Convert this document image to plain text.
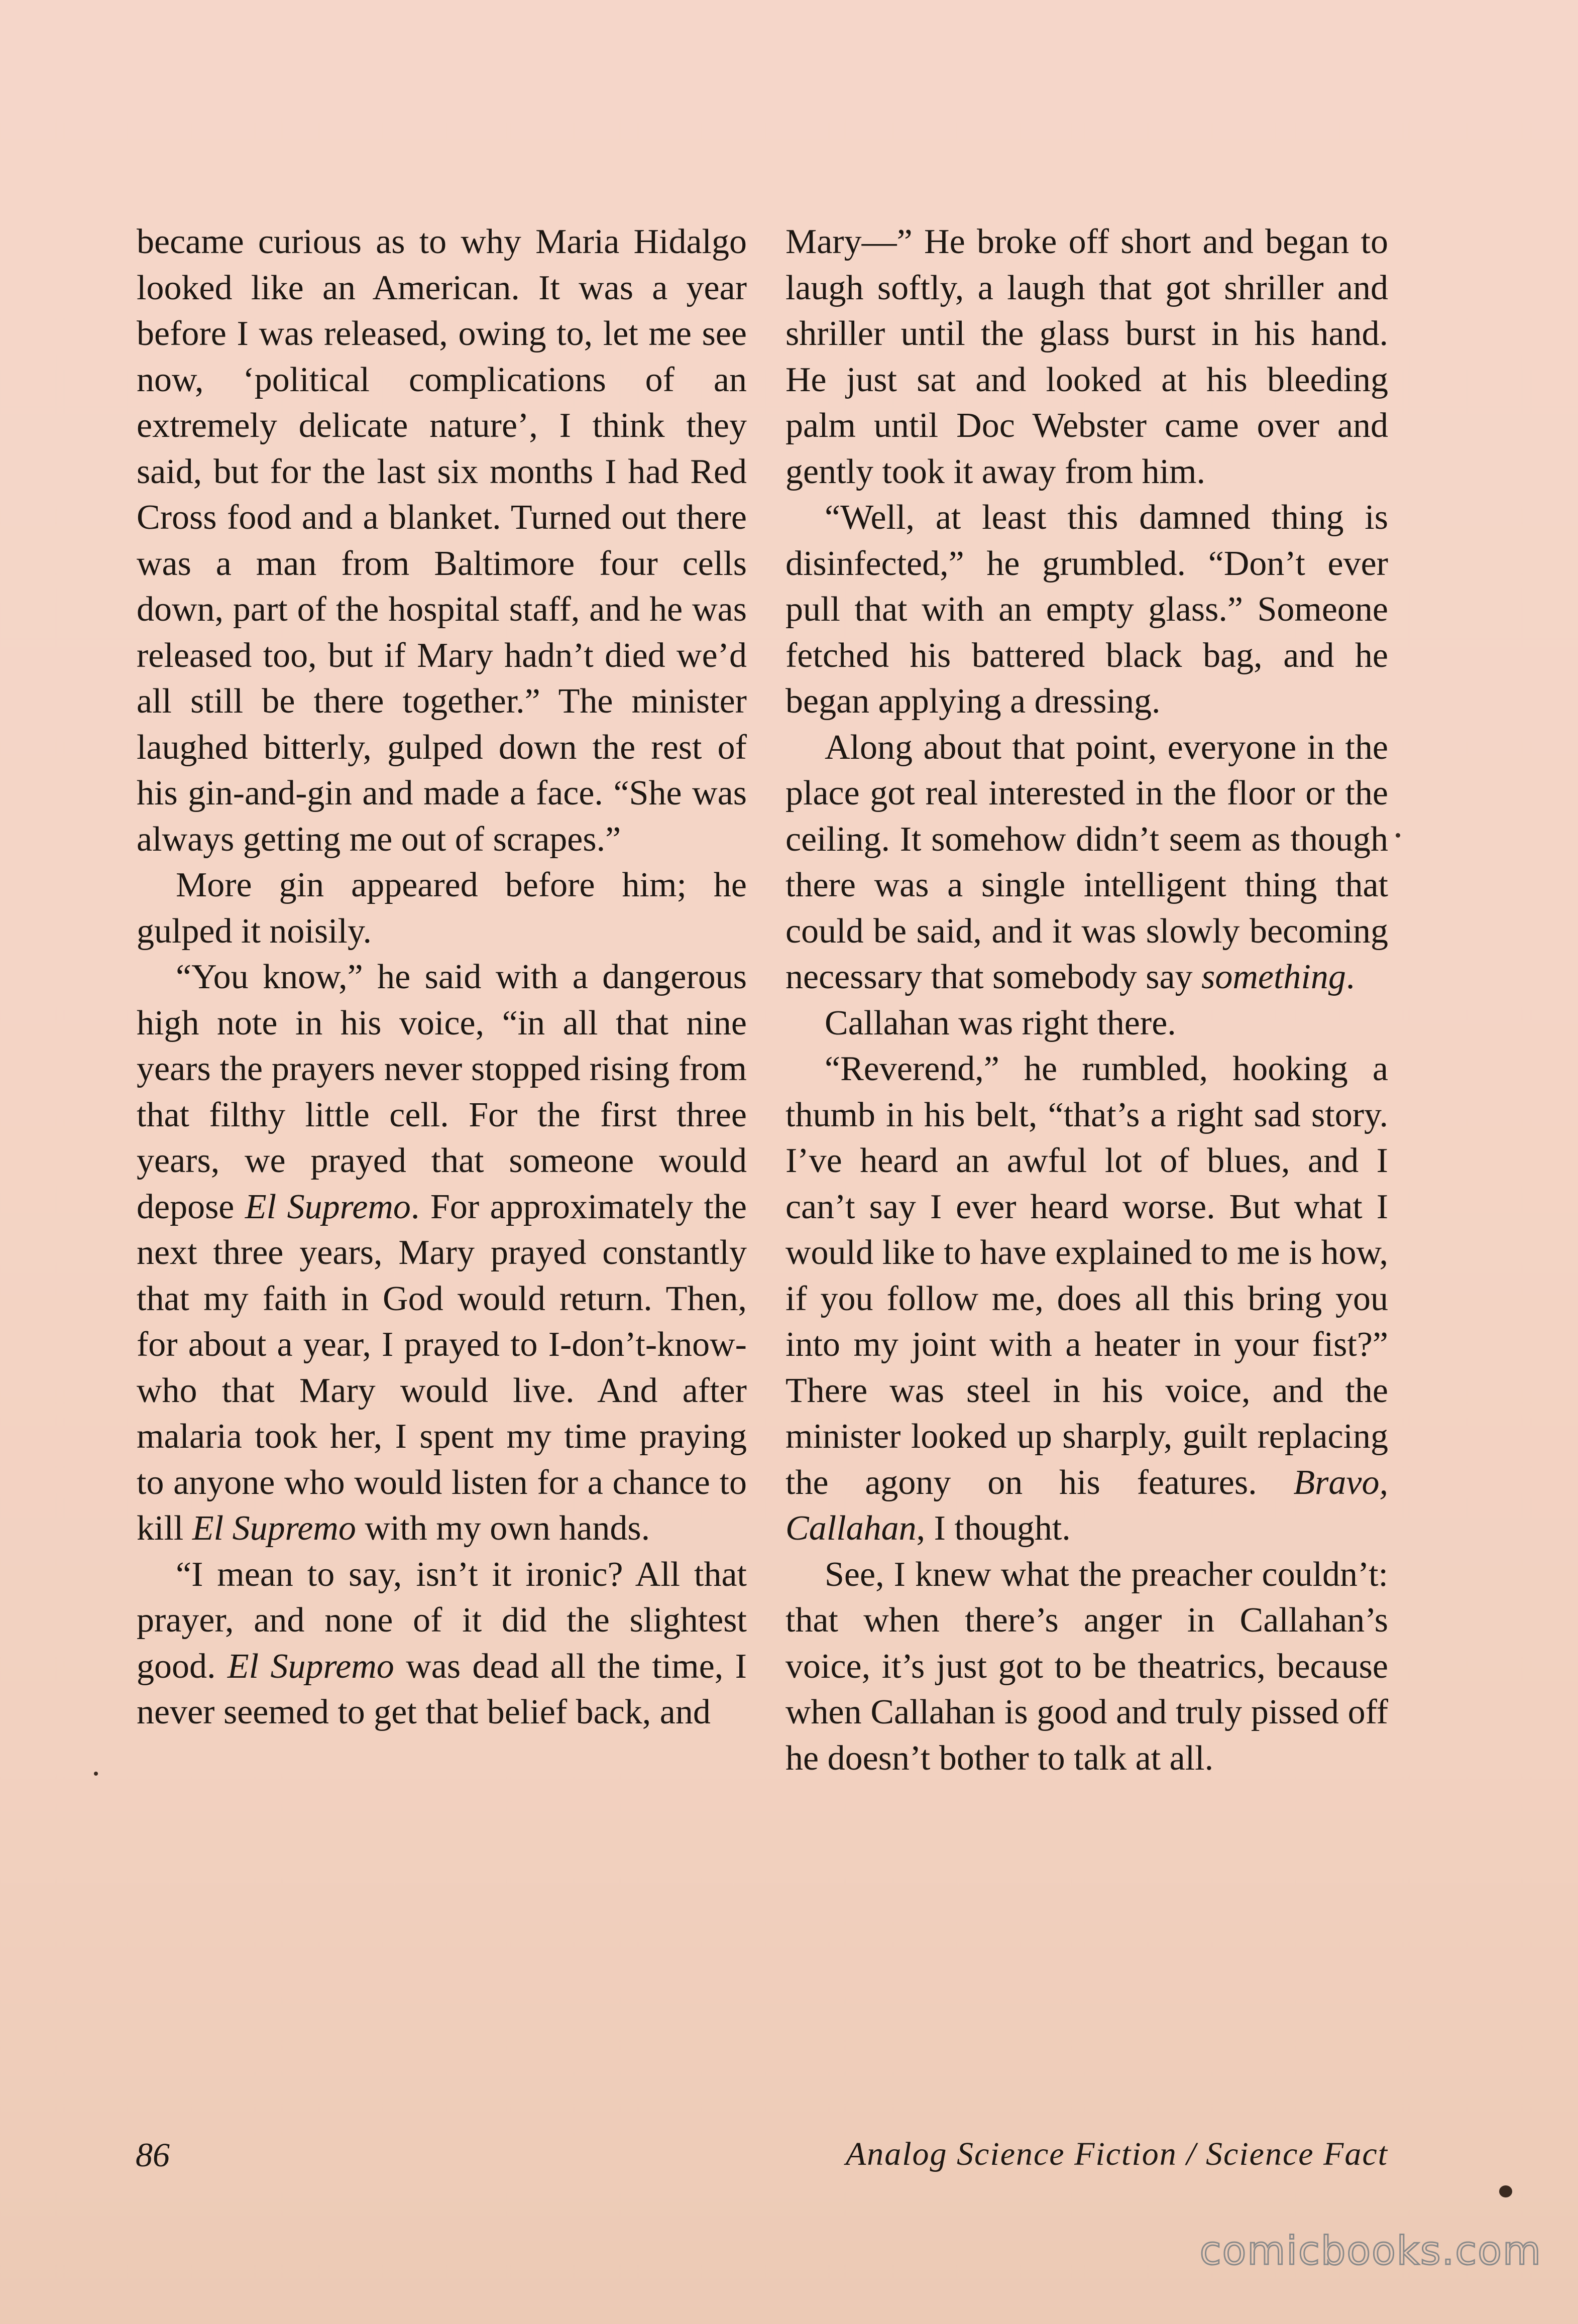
became curious as to why Maria Hidalgo looked like an American. It was a year before I was released, owing to, let me see now, ‘political complications of an extremely delicate nature’, I think they said, but for the last six months I had Red Cross food and a blanket. Turned out there was a man from Baltimore four cells down, part of the hospital staff, and he was released too, but if Mary hadn’t died we’d all still be there together.” The minister laughed bitterly, gulped down the rest of his gin-and-gin and made a face. “She was always getting me out of scrapes.”

More gin appeared before him; he gulped it noisily.

“You know,” he said with a dangerous high note in his voice, “in all that nine years the prayers never stopped rising from that filthy little cell. For the first three years, we prayed that someone would depose El Supremo. For approximately the next three years, Mary prayed constantly that my faith in God would return. Then, for about a year, I prayed to I-don’t-know-who that Mary would live. And after malaria took her, I spent my time praying to anyone who would listen for a chance to kill El Supremo with my own hands.

“I mean to say, isn’t it ironic? All that prayer, and none of it did the slightest good. El Supremo was dead all the time, I never seemed to get that belief back, and

Mary—” He broke off short and began to laugh softly, a laugh that got shriller and shriller until the glass burst in his hand. He just sat and looked at his bleeding palm until Doc Webster came over and gently took it away from him.

“Well, at least this damned thing is disinfected,” he grumbled. “Don’t ever pull that with an empty glass.” Someone fetched his battered black bag, and he began applying a dressing.

Along about that point, everyone in the place got real interested in the floor or the ceiling. It somehow didn’t seem as though there was a single intelligent thing that could be said, and it was slowly becoming necessary that somebody say something.

Callahan was right there.

“Reverend,” he rumbled, hooking a thumb in his belt, “that’s a right sad story. I’ve heard an awful lot of blues, and I can’t say I ever heard worse. But what I would like to have explained to me is how, if you follow me, does all this bring you into my joint with a heater in your fist?” There was steel in his voice, and the minister looked up sharply, guilt replacing the agony on his features. Bravo, Callahan, I thought.

See, I knew what the preacher couldn’t: that when there’s anger in Callahan’s voice, it’s just got to be theatrics, because when Callahan is good and truly pissed off he doesn’t bother to talk at all.

86	Analog Science Fiction / Science Fact
comicbooks.com
